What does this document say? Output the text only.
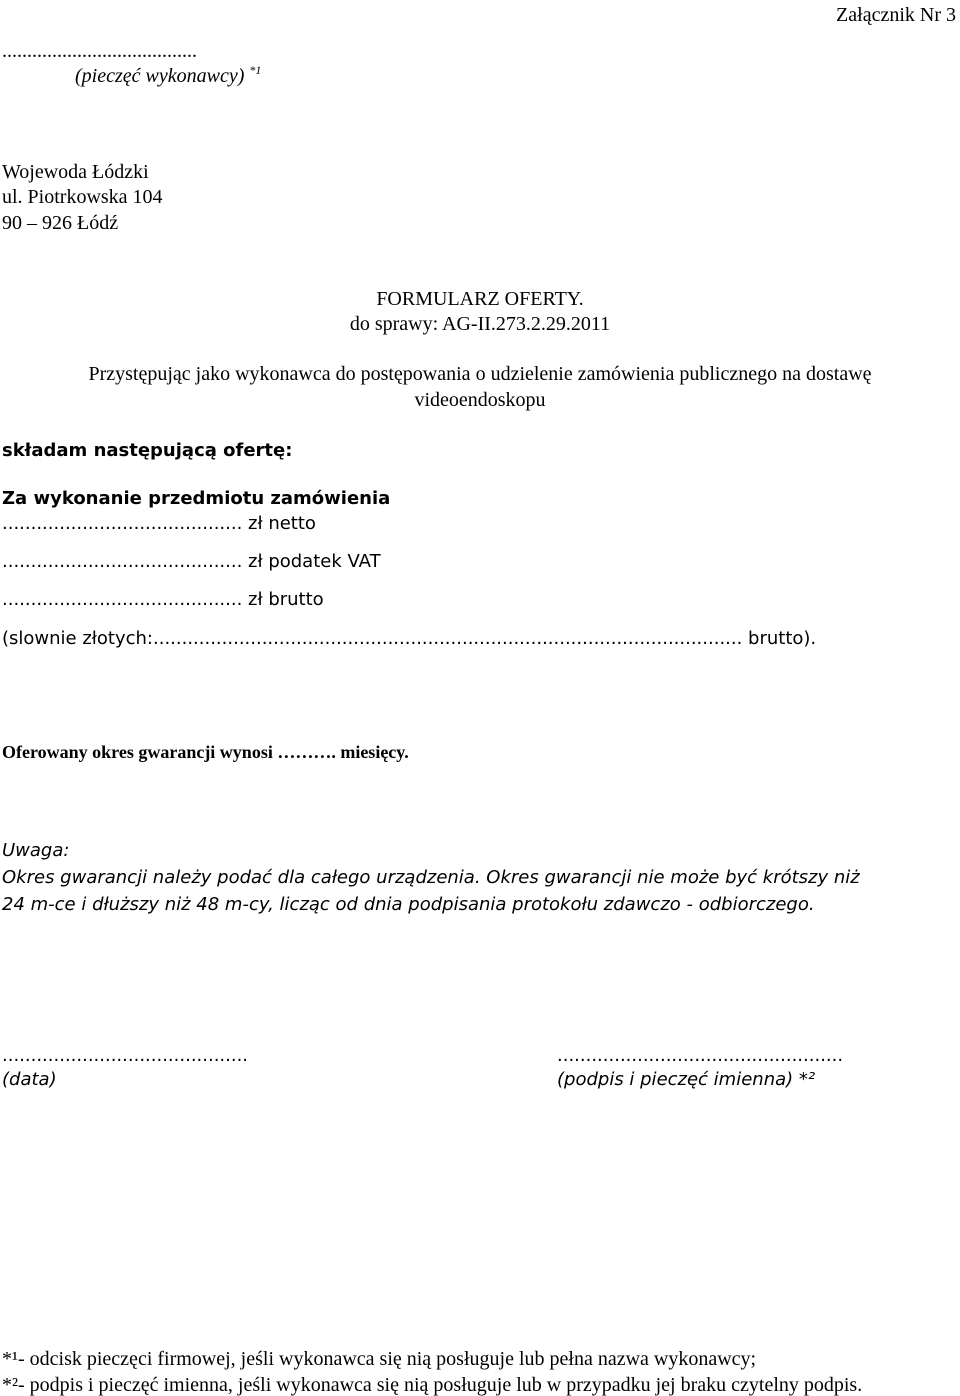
Załącznik Nr 3
.......................................
(pieczęć wykonawcy) $^{*1}$
Wojewoda Łódzki
ul. Piotrkowska 104
90 – 926 Łódź
FORMULARZ OFERTY.
do sprawy: AG-II.273.2.29.2011
Przystępując jako wykonawca do postępowania o udzielenie zamówienia publicznego na dostawę
videoendoskopu
składam następującą ofertę:
Za wykonanie przedmiotu zamówienia
.......................................... zł netto
.......................................... zł podatek VAT
.......................................... zł brutto
(slownie złotych:....................................................................................................... brutto).
Oferowany okres gwarancji wynosi ………. miesięcy.
Uwaga:
Okres gwarancji należy podać dla całego urządzenia. Okres gwarancji nie może być krótszy niż
24 m-ce i dłuższy niż 48 m-cy, licząc od dnia podpisania protokołu zdawczo - odbiorczego.
...........................................
(data)
..................................................
(podpis i pieczęć imienna) *²
*¹- odcisk pieczęci firmowej, jeśli wykonawca się nią posługuje lub pełna nazwa wykonawcy;
*²- podpis i pieczęć imienna, jeśli wykonawca się nią posługuje lub w przypadku jej braku czytelny podpis.
